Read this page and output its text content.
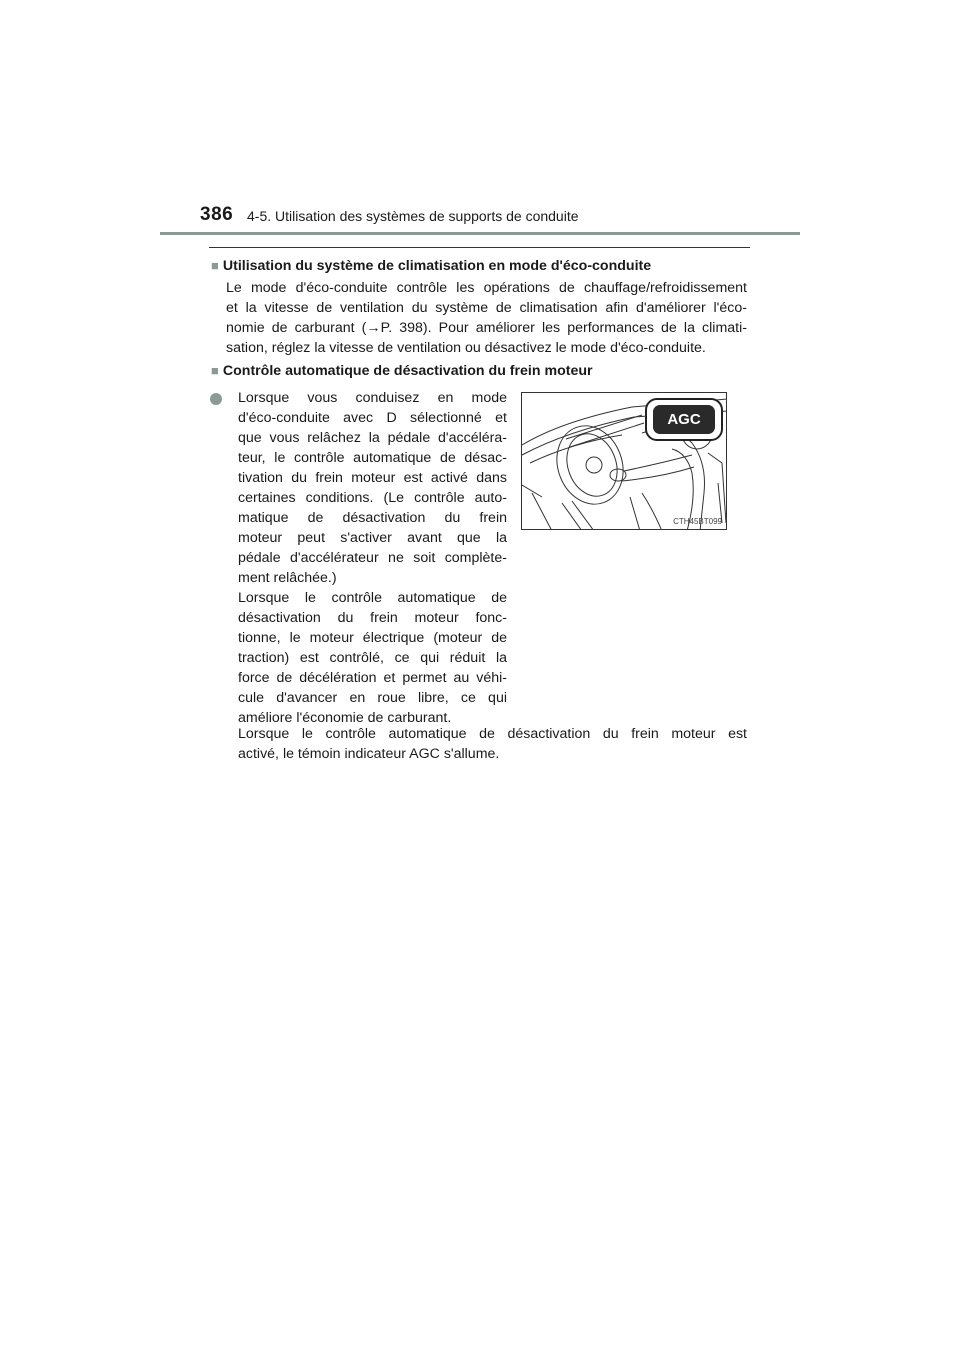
386 4-5. Utilisation des systèmes de supports de conduite
■ Utilisation du système de climatisation en mode d'éco-conduite
Le mode d'éco-conduite contrôle les opérations de chauffage/refroidissement
et la vitesse de ventilation du système de climatisation afin d'améliorer l'éco-
nomie de carburant (→P. 398). Pour améliorer les performances de la climati-
sation, réglez la vitesse de ventilation ou désactivez le mode d'éco-conduite.
■ Contrôle automatique de désactivation du frein moteur
Lorsque vous conduisez en mode
d'éco-conduite avec D sélectionné et
que vous relâchez la pédale d'accéléra-
teur, le contrôle automatique de désac-
tivation du frein moteur est activé dans
certaines conditions. (Le contrôle auto-
matique de désactivation du frein
moteur peut s'activer avant que la
pédale d'accélérateur ne soit complète-
ment relâchée.)
Lorsque le contrôle automatique de
désactivation du frein moteur fonc-
tionne, le moteur électrique (moteur de
traction) est contrôlé, ce qui réduit la
force de décélération et permet au véhi-
cule d'avancer en roue libre, ce qui
améliore l'économie de carburant.
AGC
CTH45BT099
Lorsque le contrôle automatique de désactivation du frein moteur est
activé, le témoin indicateur AGC s'allume.
